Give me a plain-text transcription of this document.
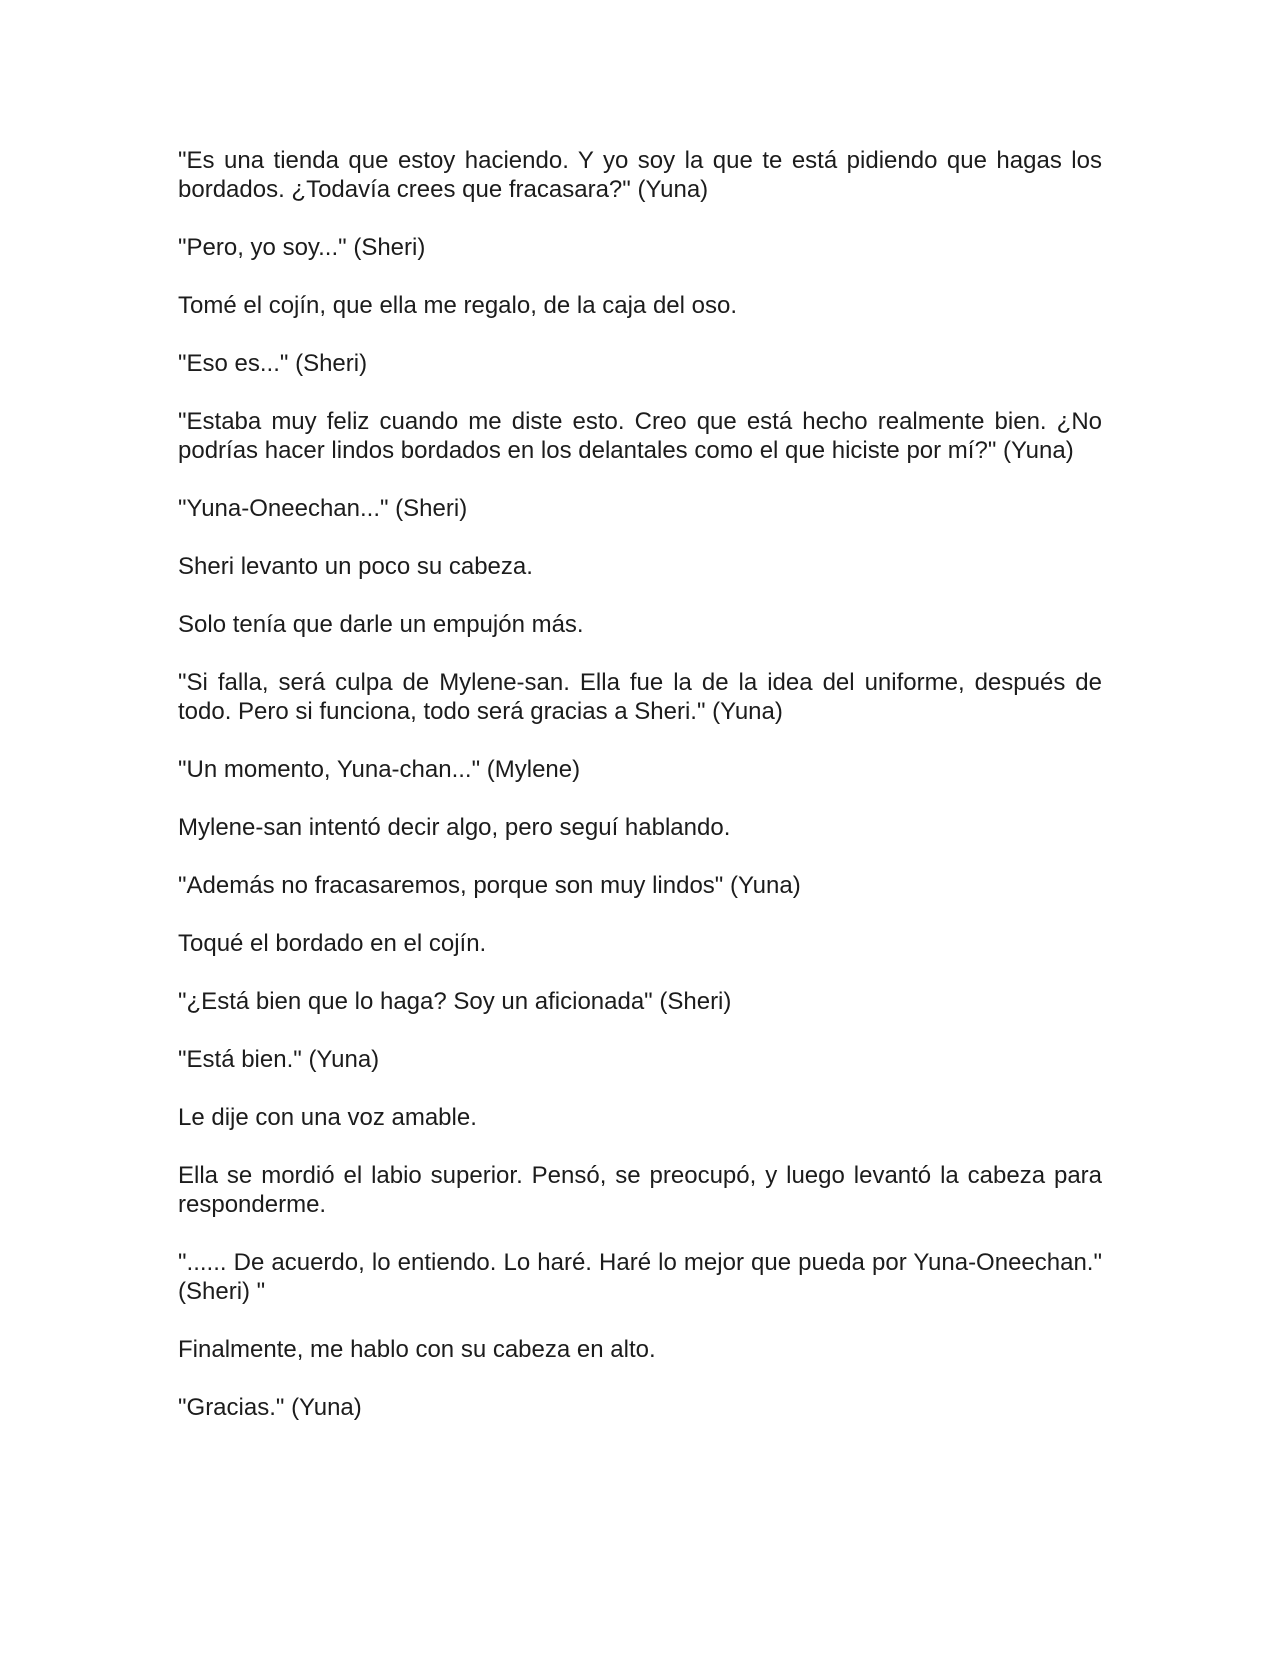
"Es una tienda que estoy haciendo. Y yo soy la que te está pidiendo que hagas los bordados. ¿Todavía crees que fracasara?" (Yuna)

"Pero, yo soy..." (Sheri)

Tomé el cojín, que ella me regalo, de la caja del oso.

"Eso es..." (Sheri)

"Estaba muy feliz cuando me diste esto. Creo que está hecho realmente bien. ¿No podrías hacer lindos bordados en los delantales como el que hiciste por mí?" (Yuna)

"Yuna-Oneechan..." (Sheri)

Sheri levanto un poco su cabeza.

Solo tenía que darle un empujón más.

"Si falla, será culpa de Mylene-san. Ella fue la de la idea del uniforme, después de todo. Pero si funciona, todo será gracias a Sheri." (Yuna)

"Un momento, Yuna-chan..." (Mylene)

Mylene-san intentó decir algo, pero seguí hablando.

"Además no fracasaremos, porque son muy lindos" (Yuna)

Toqué el bordado en el cojín.

"¿Está bien que lo haga? Soy un aficionada" (Sheri)

"Está bien." (Yuna)

Le dije con una voz amable.

Ella se mordió el labio superior. Pensó, se preocupó, y luego levantó la cabeza para responderme.

"...... De acuerdo, lo entiendo. Lo haré. Haré lo mejor que pueda por Yuna-Oneechan." (Sheri) "

Finalmente, me hablo con su cabeza en alto.

"Gracias." (Yuna)
